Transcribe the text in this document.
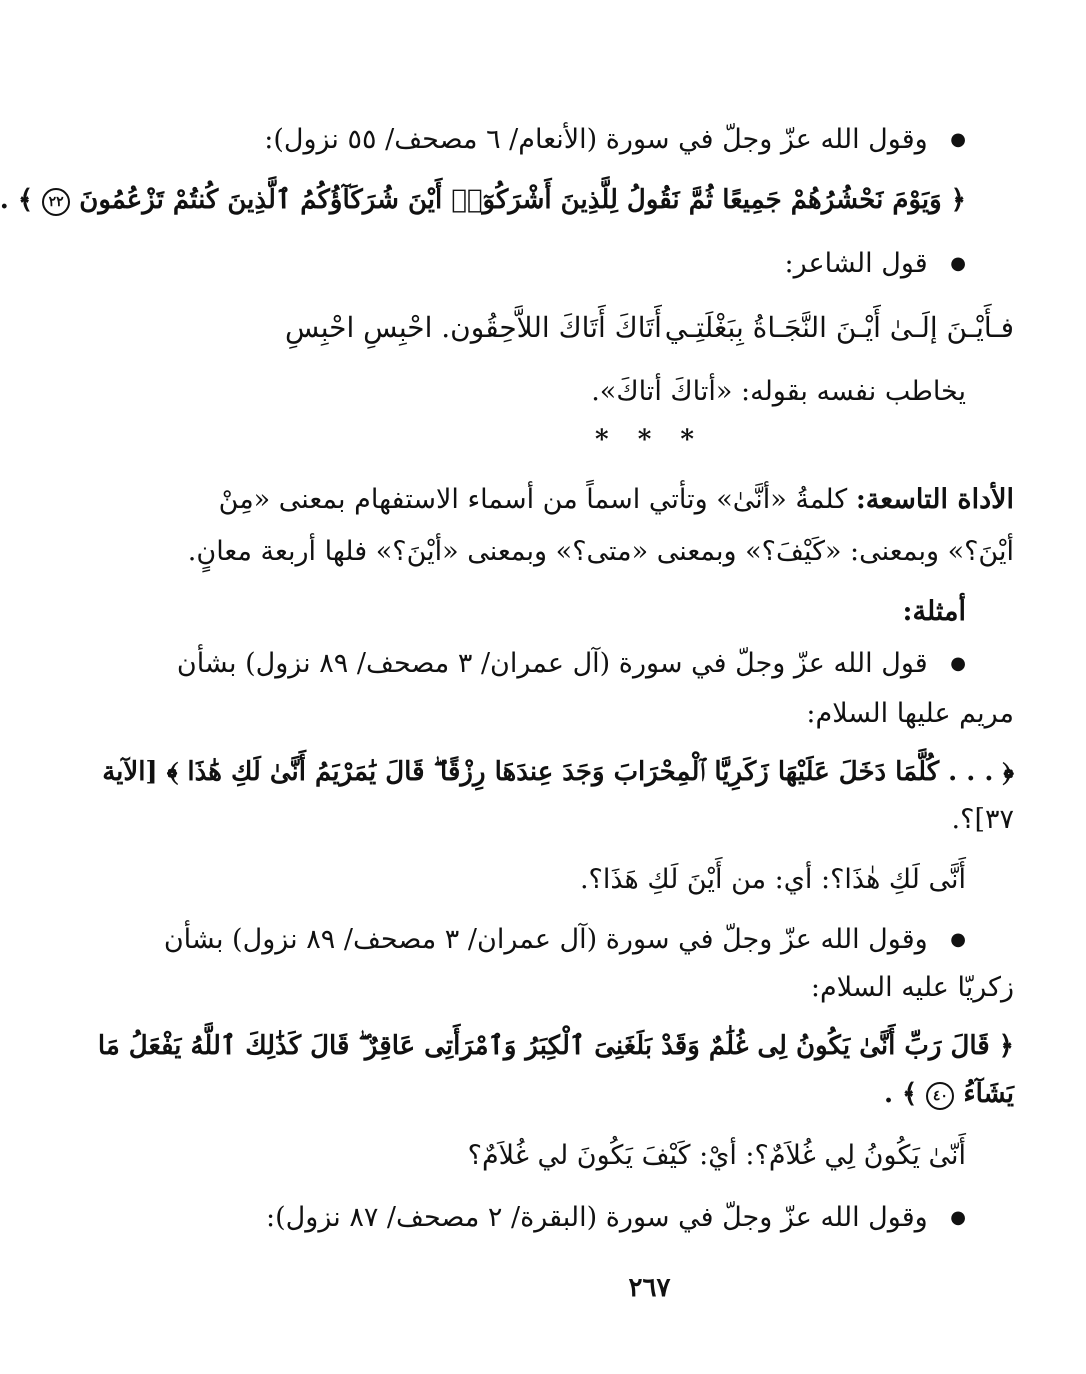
● وقول الله عزّ وجلّ في سورة (الأنعام/ ٦ مصحف/ ٥٥ نزول):
﴿ وَيَوْمَ نَحْشُرُهُمْ جَمِيعًا ثُمَّ نَقُولُ لِلَّذِينَ أَشْرَكُوٓا۟ أَيْنَ شُرَكَآؤُكُمُ ٱلَّذِينَ كُنتُمْ تَزْعُمُونَ ٢٢ ﴾ .
● قول الشاعر:
فـأَيْـنَ إلَـىٰ أَيْـنَ النَّجَـاةُ بِبَغْلَتِـي
أَتَاكَ أَتَاكَ اللاَّحِقُون. احْبِسِ احْبِسِ
يخاطب نفسه بقوله: «أتاكَ أتاكَ».
* * *
الأداة التاسعة: كلمةُ «أنَّىٰ» وتأتي اسماً من أسماء الاستفهام بمعنى «مِنْ
أيْنَ؟» وبمعنى: «كَيْفَ؟» وبمعنى «متى؟» وبمعنى «أيْنَ؟» فلها أربعة معانٍ.
أمثلة:
● قول الله عزّ وجلّ في سورة (آل عمران/ ٣ مصحف/ ٨٩ نزول) بشأن
مريم عليها السلام:
﴿ . . . كُلَّمَا دَخَلَ عَلَيْهَا زَكَرِيَّا ٱلْمِحْرَابَ وَجَدَ عِندَهَا رِزْقًا ۖ قَالَ يَٰمَرْيَمُ أَنَّىٰ لَكِ هَٰذَا ﴾ [الآية
٣٧]؟.
أَنَّى لَكِ هٰذَا؟: أي: من أَيْنَ لَكِ هَذَا؟.
● وقول الله عزّ وجلّ في سورة (آل عمران/ ٣ مصحف/ ٨٩ نزول) بشأن
زكريّا عليه السلام:
﴿ قَالَ رَبِّ أَنَّىٰ يَكُونُ لِى غُلَٰمٌ وَقَدْ بَلَغَنِىَ ٱلْكِبَرُ وَٱمْرَأَتِى عَاقِرٌ ۖ قَالَ كَذَٰلِكَ ٱللَّهُ يَفْعَلُ مَا
يَشَآءُ ٤٠ ﴾ .
أَنّىٰ يَكُونُ لِي غُلاَمٌ؟: أيْ: كَيْفَ يَكُونَ لي غُلاَمٌ؟
● وقول الله عزّ وجلّ في سورة (البقرة/ ٢ مصحف/ ٨٧ نزول):
٢٦٧
